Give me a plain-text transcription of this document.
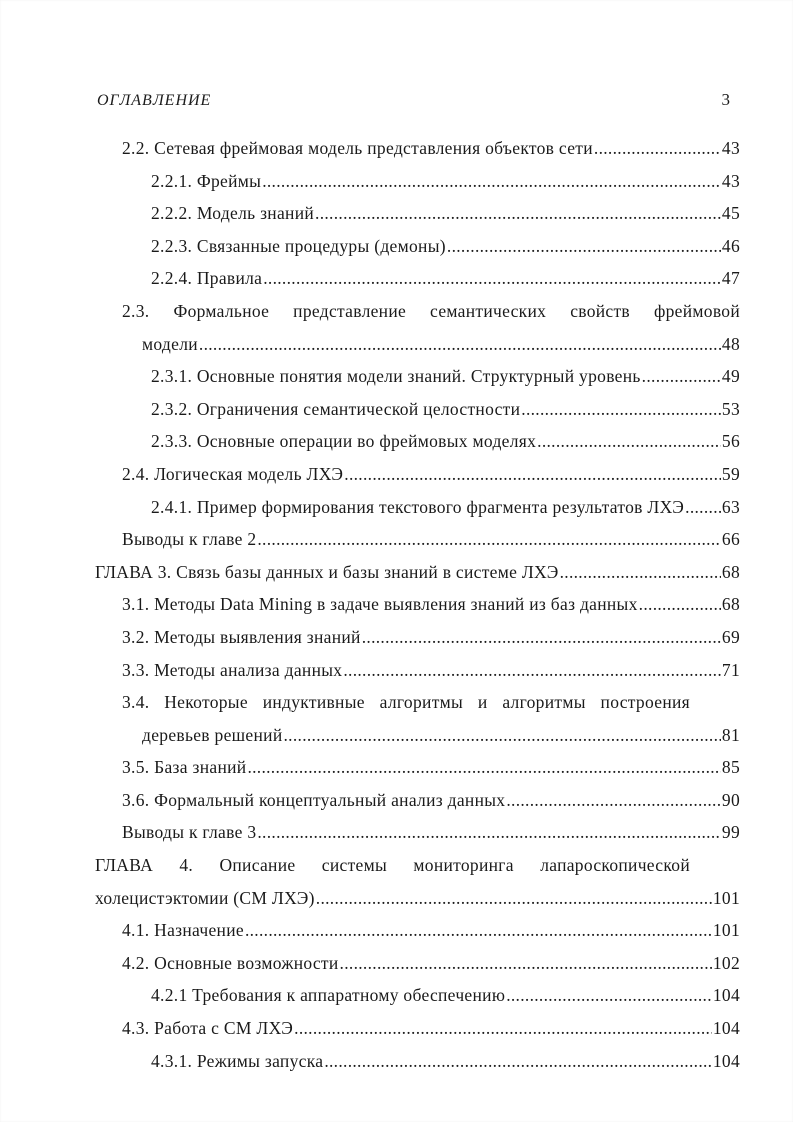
ОГЛАВЛЕНИЕ	3
2.2. Сетевая фреймовая модель представления объектов сети .....	43
2.2.1. Фреймы .....	43
2.2.2. Модель знаний .....	45
2.2.3. Связанные процедуры (демоны) .....	46
2.2.4. Правила .....	47
2.3. Формальное представление семантических свойств фреймовой
модели .....	48
2.3.1. Основные понятия модели знаний. Структурный уровень .....	49
2.3.2. Ограничения семантической целостности .....	53
2.3.3. Основные операции во фреймовых моделях .....	56
2.4. Логическая модель ЛХЭ .....	59
2.4.1. Пример формирования текстового фрагмента результатов ЛХЭ ..... 63
Выводы к главе 2 .....	66
ГЛАВА 3. Связь базы данных и базы знаний в системе ЛХЭ .....	68
3.1. Методы Data Mining в задаче выявления знаний из баз данных .....	68
3.2. Методы выявления знаний .....	69
3.3. Методы анализа данных .....	71
3.4. Некоторые индуктивные алгоритмы и алгоритмы построения
деревьев решений .....	81
3.5. База знаний .....	85
3.6. Формальный концептуальный анализ данных .....	90
Выводы к главе 3 .....	99
ГЛАВА 4. Описание системы мониторинга лапароскопической
холецистэктомии (СМ ЛХЭ) .....	101
4.1. Назначение .....	101
4.2. Основные возможности .....	102
4.2.1 Требования к аппаратному обеспечению .....	104
4.3. Работа с СМ ЛХЭ .....	104
4.3.1. Режимы запуска .....	104
